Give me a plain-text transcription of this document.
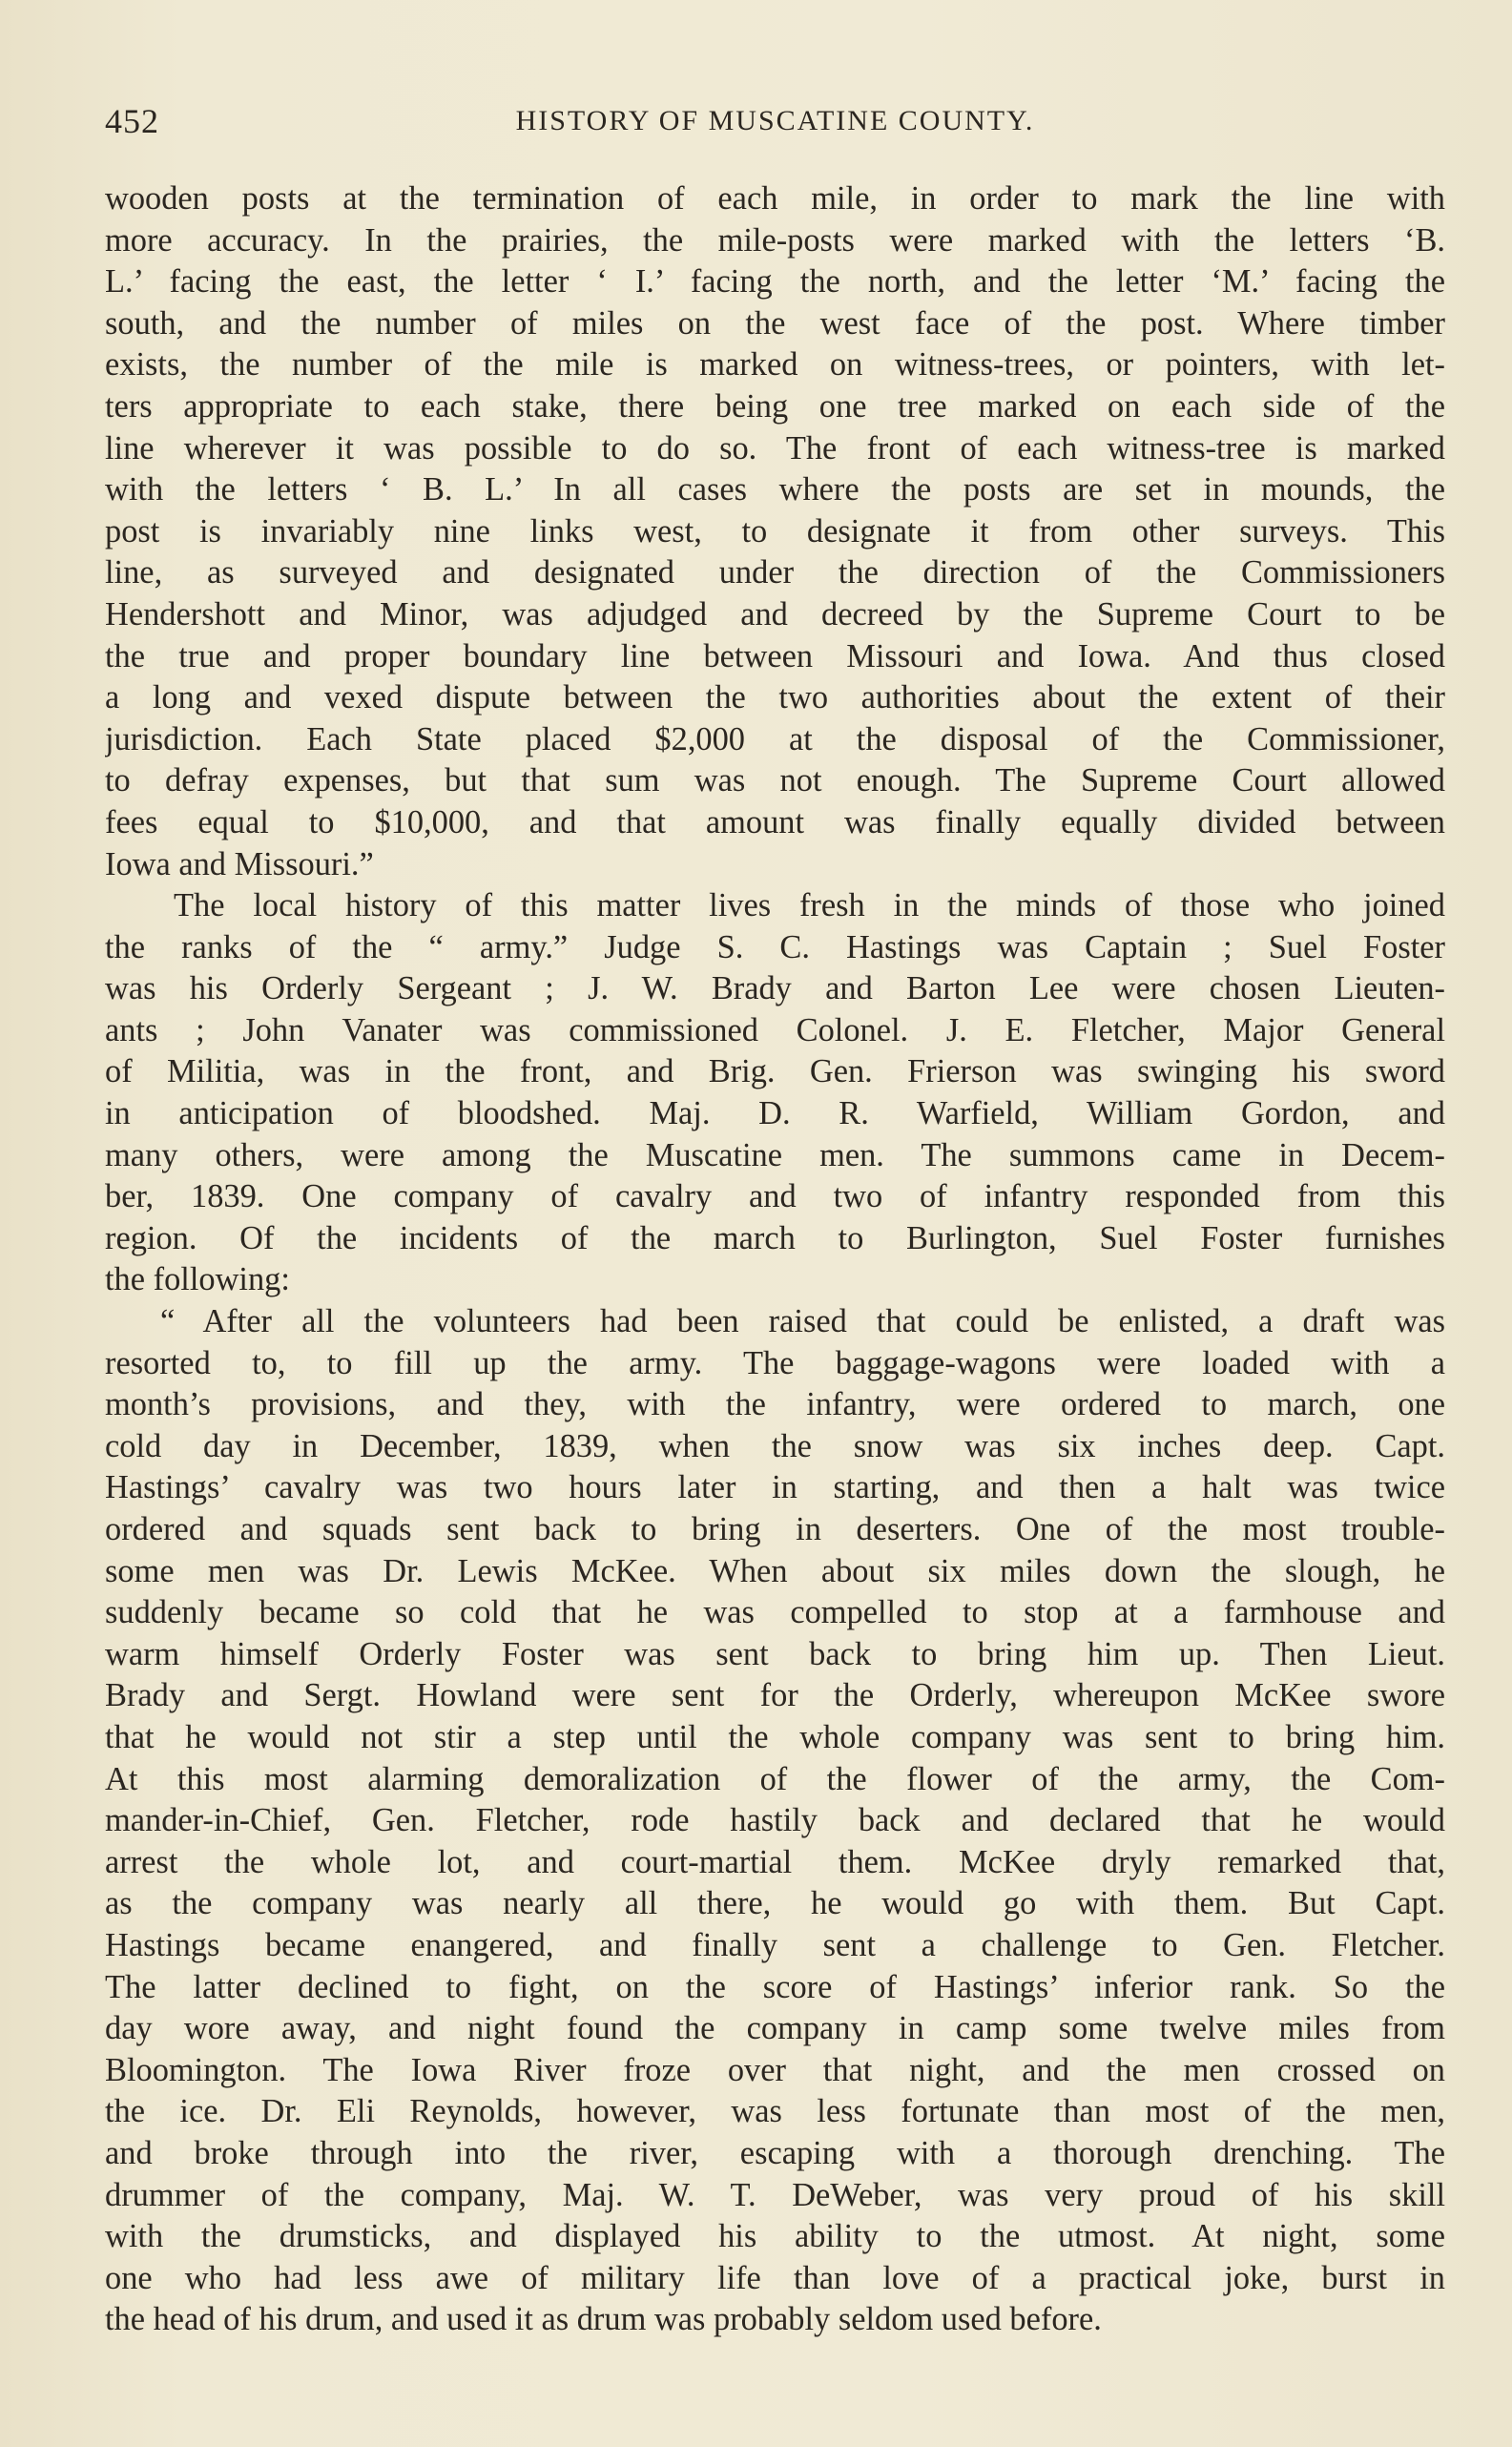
452	HISTORY OF MUSCATINE COUNTY.
wooden posts at the termination of each mile, in order to mark the line with
more accuracy. In the prairies, the mile-posts were marked with the letters ‘B.
L.’ facing the east, the letter ‘ I.’ facing the north, and the letter ‘M.’ facing the
south, and the number of miles on the west face of the post. Where timber
exists, the number of the mile is marked on witness-trees, or pointers, with let-
ters appropriate to each stake, there being one tree marked on each side of the
line wherever it was possible to do so. The front of each witness-tree is marked
with the letters ‘ B. L.’ In all cases where the posts are set in mounds, the
post is invariably nine links west, to designate it from other surveys. This
line, as surveyed and designated under the direction of the Commissioners
Hendershott and Minor, was adjudged and decreed by the Supreme Court to be
the true and proper boundary line between Missouri and Iowa. And thus closed
a long and vexed dispute between the two authorities about the extent of their
jurisdiction. Each State placed $2,000 at the disposal of the Commissioner,
to defray expenses, but that sum was not enough. The Supreme Court allowed
fees equal to $10,000, and that amount was finally equally divided between
Iowa and Missouri.”
The local history of this matter lives fresh in the minds of those who joined
the ranks of the “ army.” Judge S. C. Hastings was Captain ; Suel Foster
was his Orderly Sergeant ; J. W. Brady and Barton Lee were chosen Lieuten-
ants ; John Vanater was commissioned Colonel. J. E. Fletcher, Major General
of Militia, was in the front, and Brig. Gen. Frierson was swinging his sword
in anticipation of bloodshed. Maj. D. R. Warfield, William Gordon, and
many others, were among the Muscatine men. The summons came in Decem-
ber, 1839. One company of cavalry and two of infantry responded from this
region. Of the incidents of the march to Burlington, Suel Foster furnishes
the following:
“ After all the volunteers had been raised that could be enlisted, a draft was
resorted to, to fill up the army. The baggage-wagons were loaded with a
month’s provisions, and they, with the infantry, were ordered to march, one
cold day in December, 1839, when the snow was six inches deep. Capt.
Hastings’ cavalry was two hours later in starting, and then a halt was twice
ordered and squads sent back to bring in deserters. One of the most trouble-
some men was Dr. Lewis McKee. When about six miles down the slough, he
suddenly became so cold that he was compelled to stop at a farmhouse and
warm himself Orderly Foster was sent back to bring him up. Then Lieut.
Brady and Sergt. Howland were sent for the Orderly, whereupon McKee swore
that he would not stir a step until the whole company was sent to bring him.
At this most alarming demoralization of the flower of the army, the Com-
mander-in-Chief, Gen. Fletcher, rode hastily back and declared that he would
arrest the whole lot, and court-martial them. McKee dryly remarked that,
as the company was nearly all there, he would go with them. But Capt.
Hastings became enangered, and finally sent a challenge to Gen. Fletcher.
The latter declined to fight, on the score of Hastings’ inferior rank. So the
day wore away, and night found the company in camp some twelve miles from
Bloomington. The Iowa River froze over that night, and the men crossed on
the ice. Dr. Eli Reynolds, however, was less fortunate than most of the men,
and broke through into the river, escaping with a thorough drenching. The
drummer of the company, Maj. W. T. DeWeber, was very proud of his skill
with the drumsticks, and displayed his ability to the utmost. At night, some
one who had less awe of military life than love of a practical joke, burst in
the head of his drum, and used it as drum was probably seldom used before.
